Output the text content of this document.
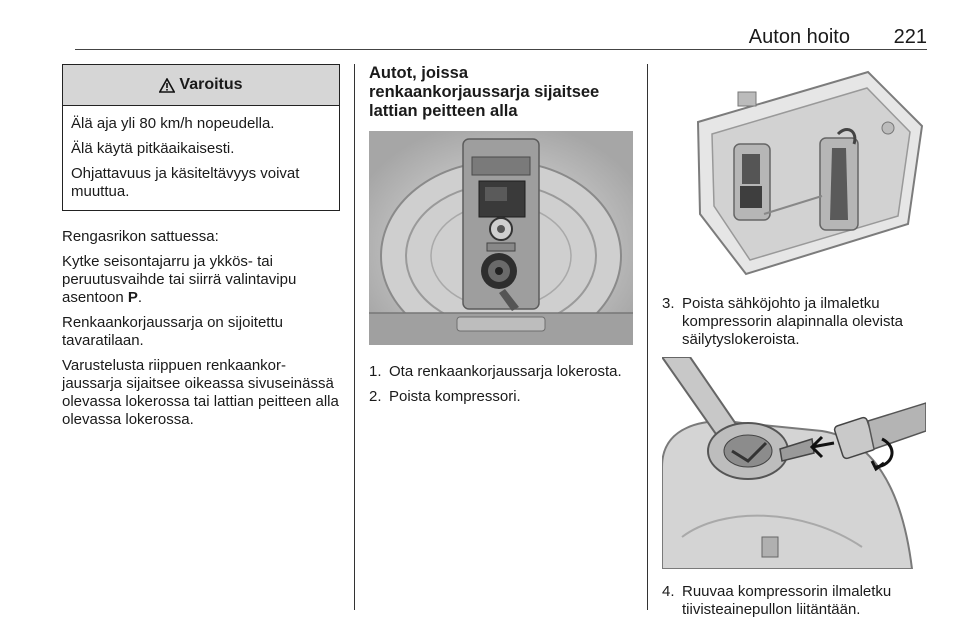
Auton hoito 221
Varoitus

Älä aja yli 80 km/h nopeudella.

Älä käytä pitkäaikaisesti.

Ohjattavuus ja käsiteltävyys voivat muuttua.

Rengasrikon sattuessa:

Kytke seisontajarru ja ykkös- tai peruutusvaihde tai siirrä valintavipu asentoon P.

Renkaankorjaussarja on sijoitettu tavaratilaan.

Varustelusta riippuen renkaankorjaussarja sijaitsee oikeassa sivuseinässä olevassa lokerossa tai lattian peitteen alla olevassa lokerossa.

Autot, joissa renkaankorjaussarja sijaitsee lattian peitteen alla
1. Ota renkaankorjaussarja lokerosta.
2. Poista kompressori.
3. Poista sähköjohto ja ilmaletku kompressorin alapinnalla olevista säilytyslokeroista.
4. Ruuvaa kompressorin ilmaletku tiivisteainepullon liitäntään.
